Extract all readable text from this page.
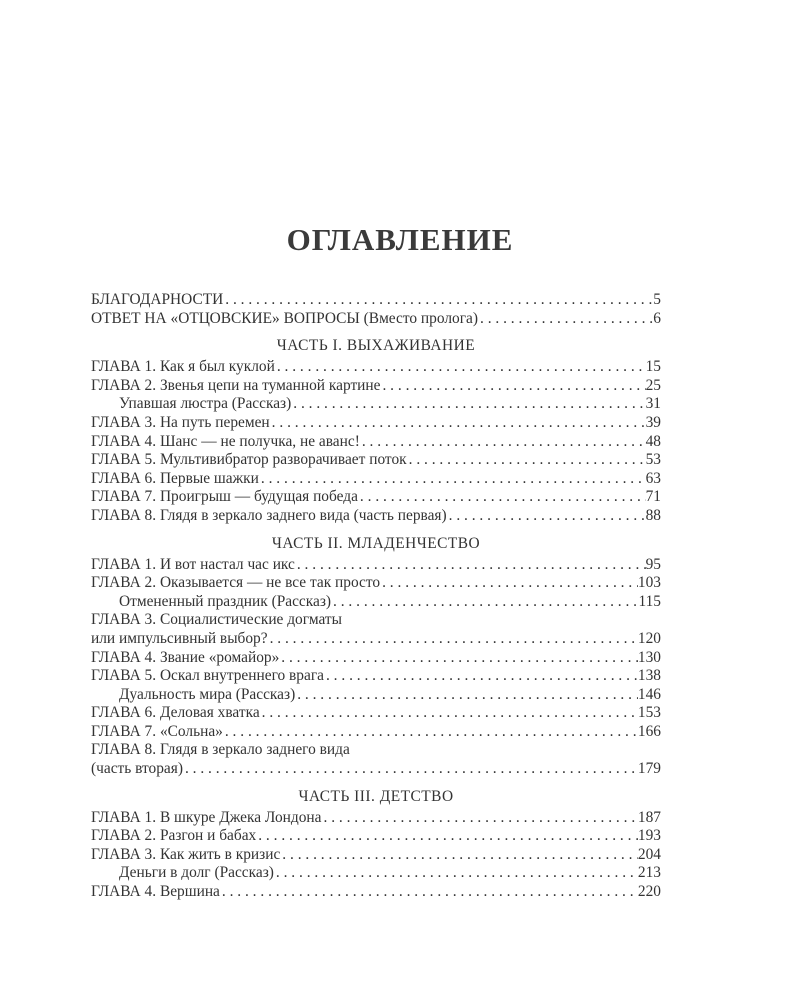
ОГЛАВЛЕНИЕ
БЛАГОДАРНОСТИ . . .	5
ОТВЕТ НА «ОТЦОВСКИЕ» ВОПРОСЫ (Вместо пролога) . . .	6
ЧАСТЬ I. ВЫХАЖИВАНИЕ
ГЛАВА 1. Как я был куклой . . .	15
ГЛАВА 2. Звенья цепи на туманной картине . . .	25
Упавшая люстра (Рассказ) . . .	31
ГЛАВА 3. На путь перемен . . .	39
ГЛАВА 4. Шанс — не получка, не аванс! . . .	48
ГЛАВА 5. Мультивибратор разворачивает поток . . .	53
ГЛАВА 6. Первые шажки . . .	63
ГЛАВА 7. Проигрыш — будущая победа . . .	71
ГЛАВА 8. Глядя в зеркало заднего вида (часть первая) . . .	88
ЧАСТЬ II. МЛАДЕНЧЕСТВО
ГЛАВА 1. И вот настал час икс . . .	95
ГЛАВА 2. Оказывается — не все так просто . . .	103
Отмененный праздник (Рассказ) . . .	115
ГЛАВА 3. Социалистические догматы
или импульсивный выбор? . . .	120
ГЛАВА 4. Звание «ромайор» . . .	130
ГЛАВА 5. Оскал внутреннего врага . . .	138
Дуальность мира (Рассказ) . . .	146
ГЛАВА 6. Деловая хватка . . .	153
ГЛАВА 7. «Сольна» . . .	166
ГЛАВА 8. Глядя в зеркало заднего вида
(часть вторая) . . .	179
ЧАСТЬ III. ДЕТСТВО
ГЛАВА 1. В шкуре Джека Лондона . . .	187
ГЛАВА 2. Разгон и бабах . . .	193
ГЛАВА 3. Как жить в кризис . . .	204
Деньги в долг (Рассказ) . . .	213
ГЛАВА 4. Вершина . . .	220
